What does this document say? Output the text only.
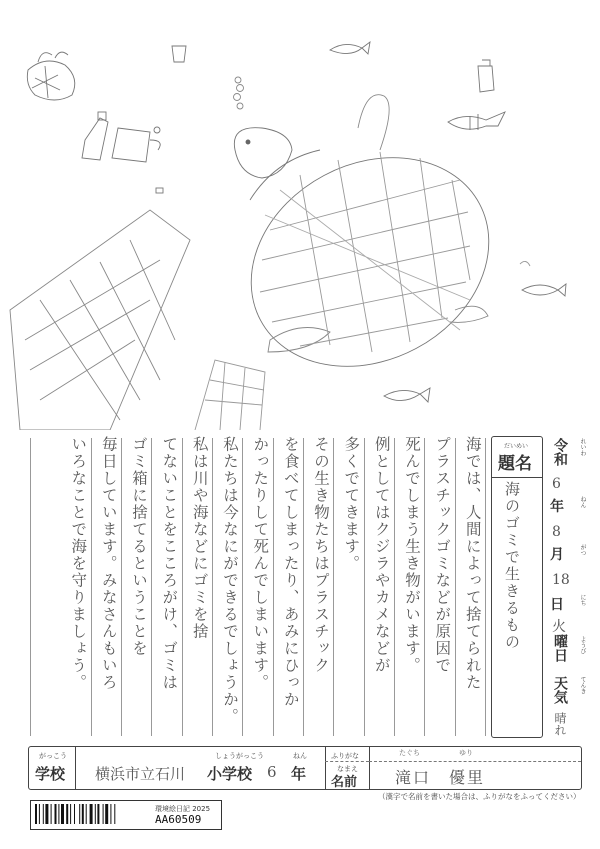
海では、人間によって捨てられた
プラスチックゴミなどが原因で
死んでしまう生き物がいます。
例としてはクジラやカメなどが
多くでてきます。
その生き物たちはプラスチック
を食べてしまったり、あみにひっか
かったりして死んでしまいます。
私たちは今なにができるでしょうか。
私は川や海などにゴミを捨
てないことをこころがけ、ゴミは
ゴミ箱に捨てるということを
毎日しています。みなさんもいろ
いろなことで海を守りましょう。	だいめい
題名
海のゴミで生きるもの
れいわ
令和
6
年	ねん
8
月	がつ
18
日	にち
火
曜日	ようび
天気	てんき
晴れ
がっこう
学校 横浜市立石川
しょうがっこう
小学校 6
ねん
年
ふりがな
なまえ
名前
たぐち	ゆり
滝口　優里
（漢字で名前を書いた場合は、ふりがなをふってください）
環境絵日記 2025
AA60509
